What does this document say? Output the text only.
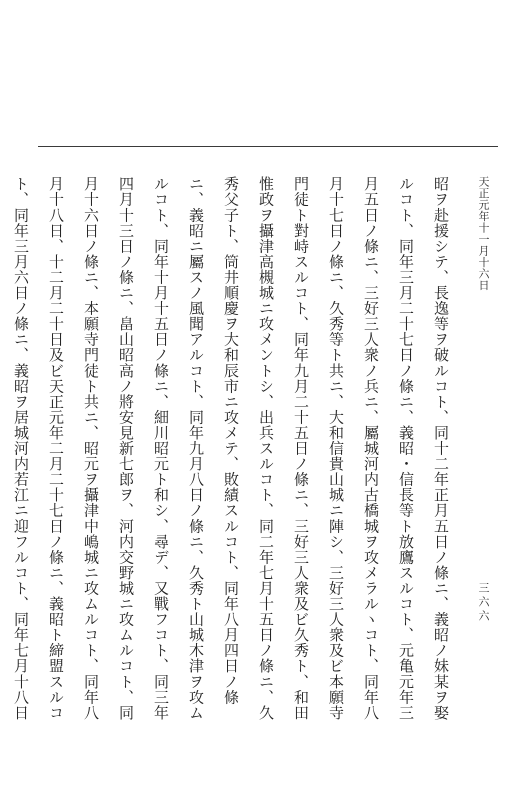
天正元年十一月十六日
三六六

昭ヲ赴援シテ、長逸等ヲ破ルコト、同十二年正月五日ノ條ニ、義昭ノ妹某ヲ娶ルコト、同年三月二十七日ノ條ニ、義昭・信長等ト放鷹スルコト、元亀元年三月五日ノ條ニ、三好三人衆ノ兵ニ、屬城河内古橋城ヲ攻メラルヽコト、同年八月十七日ノ條ニ、久秀等ト共ニ、大和信貴山城ニ陣シ、三好三人衆及ビ本願寺門徒ト對峙スルコト、同年九月二十五日ノ條ニ、三好三人衆及ビ久秀ト、和田惟政ヲ攝津高槻城ニ攻メントシ、出兵スルコト、同二年七月十五日ノ條ニ、久秀父子ト、筒井順慶ヲ大和辰市ニ攻メテ、敗績スルコト、同年八月四日ノ條ニ、義昭ニ屬スノ風聞アルコト、同年九月八日ノ條ニ、久秀ト山城木津ヲ攻ムルコト、同年十月十五日ノ條ニ、細川昭元ト和シ、尋デ、又戰フコト、同三年四月十三日ノ條ニ、畠山昭高ノ將安見新七郎ヲ、河内交野城ニ攻ムルコト、同月十六日ノ條ニ、本願寺門徒ト共ニ、昭元ヲ攝津中嶋城ニ攻ムルコト、同年八月十八日、十二月二十日及ビ天正元年二月二十七日ノ條ニ、義昭ト締盟スルコト、同年三月六日ノ條ニ、義昭ヲ居城河内若江ニ迎フルコト、同年七月十八日
